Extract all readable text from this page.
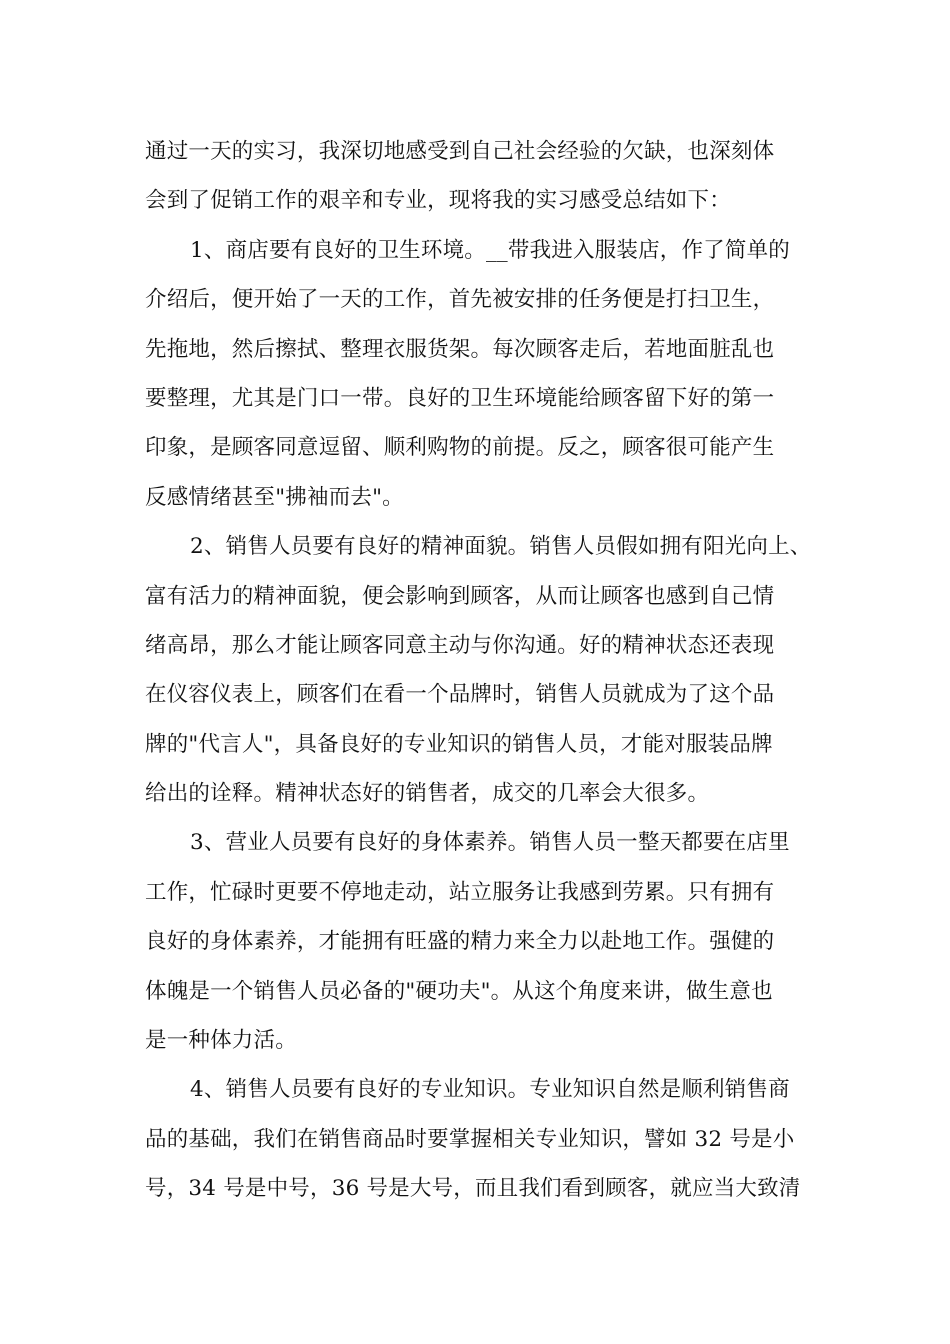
通过一天的实习，我深切地感受到自己社会经验的欠缺，也深刻体
会到了促销工作的艰辛和专业，现将我的实习感受总结如下：
1、商店要有良好的卫生环境。__带我进入服装店，作了简单的
介绍后，便开始了一天的工作，首先被安排的任务便是打扫卫生，
先拖地，然后擦拭、整理衣服货架。每次顾客走后，若地面脏乱也
要整理，尤其是门口一带。良好的卫生环境能给顾客留下好的第一
印象，是顾客同意逗留、顺利购物的前提。反之，顾客很可能产生
反感情绪甚至"拂袖而去"。
2、销售人员要有良好的精神面貌。销售人员假如拥有阳光向上、
富有活力的精神面貌，便会影响到顾客，从而让顾客也感到自己情
绪高昂，那么才能让顾客同意主动与你沟通。好的精神状态还表现
在仪容仪表上，顾客们在看一个品牌时，销售人员就成为了这个品
牌的"代言人"，具备良好的专业知识的销售人员，才能对服装品牌
给出的诠释。精神状态好的销售者，成交的几率会大很多。
3、营业人员要有良好的身体素养。销售人员一整天都要在店里
工作，忙碌时更要不停地走动，站立服务让我感到劳累。只有拥有
良好的身体素养，才能拥有旺盛的精力来全力以赴地工作。强健的
体魄是一个销售人员必备的"硬功夫"。从这个角度来讲，做生意也
是一种体力活。
4、销售人员要有良好的专业知识。专业知识自然是顺利销售商
品的基础，我们在销售商品时要掌握相关专业知识，譬如 32 号是小
号，34 号是中号，36 号是大号，而且我们看到顾客，就应当大致清
